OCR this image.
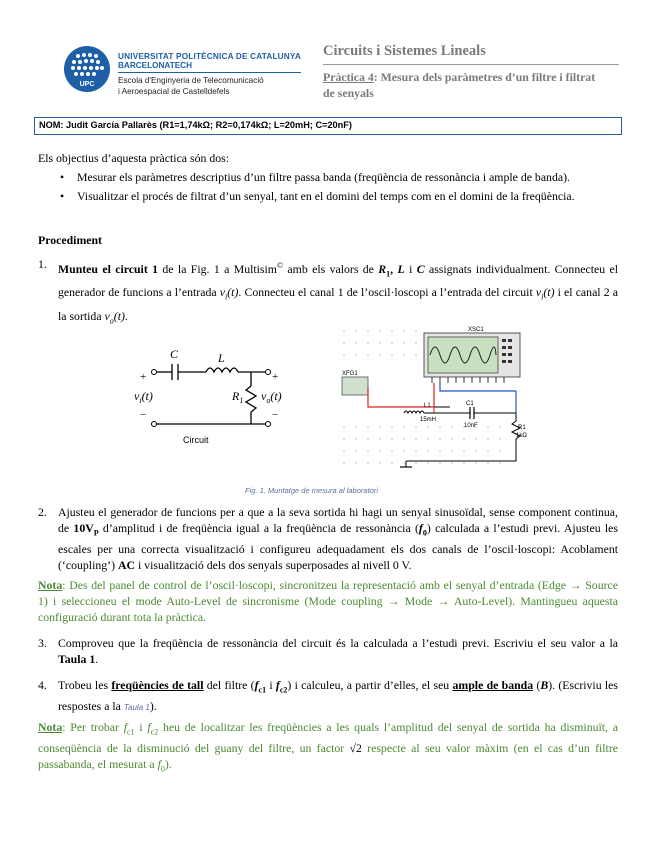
UPC
UNIVERSITAT POLITÈCNICA DE CATALUNYA
BARCELONATECH
Escola d'Enginyeria de Telecomunicació
i Aeroespacial de Castelldefels
Circuits i Sistemes Lineals
Pràctica 4: Mesura dels paràmetres d’un filtre i filtrat de senyals
NOM: Judit García Pallarès (R1=1,74kΩ; R2=0,174kΩ; L=20mH; C=20nF)
Els objectius d’aquesta pràctica són dos:
• Mesurar els paràmetres descriptius d’un filtre passa banda (freqüència de ressonància i ample de banda).
• Visualitzar el procés de filtrat d’un senyal, tant en el domini del temps com en el domini de la freqüència.
Procediment
1. Munteu el circuit 1 de la Fig. 1 a Multisim© amb els valors de $R_1$, L i C assignats individualment. Connecteu el generador de funcions a l’entrada $v_i(t)$. Connecteu el canal 1 de l’oscil·loscopi a l’entrada del circuit $v_i(t)$ i el canal 2 a la sortida $v_o(t)$.
C	L
$R_1$
+
−
+
−
$v_i(t)$	$v_o(t)$
Circuit
XSC1
XFG1
L1
15mH
C1
10nF	R1
1kΩ
Fig. 1. Muntatge de mesura al laboratori
2. Ajusteu el generador de funcions per a que a la seva sortida hi hagi un senyal sinusoïdal, sense component continua, de $10V_P$ d’amplitud i de freqüència igual a la freqüència de ressonància $(f_0)$ calculada a l’estudi previ. Ajusteu les escales per una correcta visualització i configureu adequadament els dos canals de l’oscil·loscopi: Acoblament (‘coupling’) AC i visualització dels dos senyals superposades al nivell 0 V.
Nota: Des del panel de control de l’oscil·loscopi, sincronitzeu la representació amb el senyal d’entrada (Edge → Source 1) i seleccioneu el mode Auto-Level de sincronisme (Mode coupling → Mode → Auto-Level). Mantingueu aquesta configuració durant tota la pràctica.
3. Comproveu que la freqüència de ressonància del circuit és la calculada a l’estudi previ. Escriviu el seu valor a la Taula 1.
4. Trobeu les freqüències de tall del filtre ($f_{c1}$ i $f_{c2}$) i calculeu, a partir d’elles, el seu ample de banda (B). (Escriviu les respostes a la Taula 1).
Nota: Per trobar $f_{c1}$ i $f_{c2}$ heu de localitzar les freqüències a les quals l’amplitud del senyal de sortida ha disminuït, a conseqüència de la disminució del guany del filtre, un factor √2 respecte al seu valor màxim (en el cas d’un filtre passabanda, el mesurat a $f_0$).
